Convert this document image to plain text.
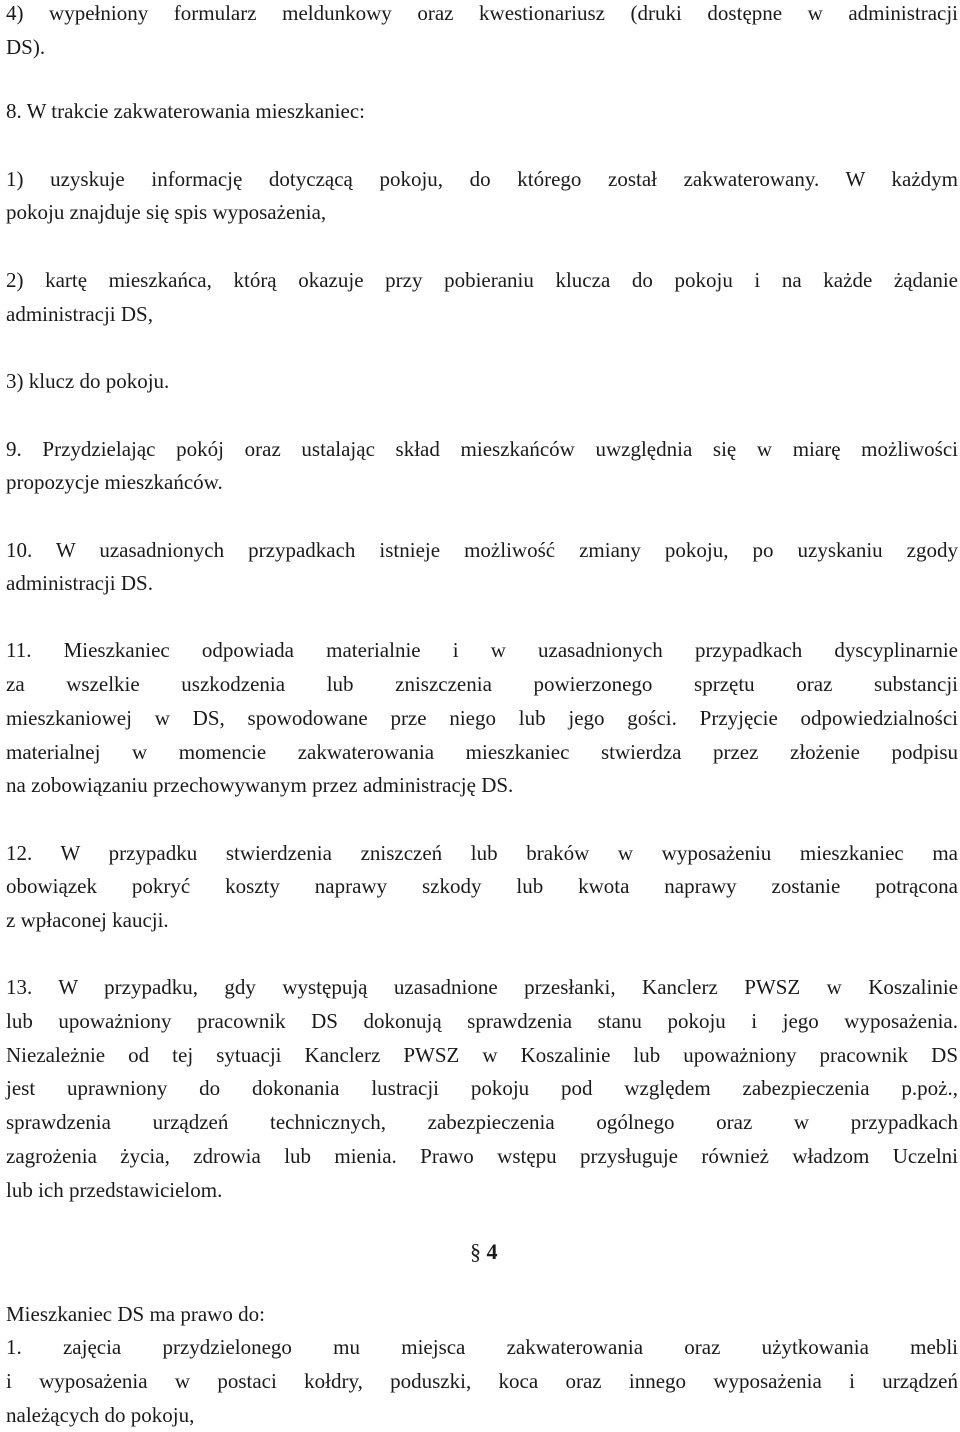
4) wypełniony formularz meldunkowy oraz kwestionariusz (druki dostępne w administracji
DS).
8. W trakcie zakwaterowania mieszkaniec:
1) uzyskuje informację dotyczącą pokoju, do którego został zakwaterowany. W każdym
pokoju znajduje się spis wyposażenia,
2) kartę mieszkańca, którą okazuje przy pobieraniu klucza do pokoju i na każde żądanie
administracji DS,
3) klucz do pokoju.
9. Przydzielając pokój oraz ustalając skład mieszkańców uwzględnia się w miarę możliwości
propozycje mieszkańców.
10. W uzasadnionych przypadkach istnieje możliwość zmiany pokoju, po uzyskaniu zgody
administracji DS.
11. Mieszkaniec odpowiada materialnie i w uzasadnionych przypadkach dyscyplinarnie
za wszelkie uszkodzenia lub zniszczenia powierzonego sprzętu oraz substancji
mieszkaniowej w DS, spowodowane prze niego lub jego gości. Przyjęcie odpowiedzialności
materialnej w momencie zakwaterowania mieszkaniec stwierdza przez złożenie podpisu
na zobowiązaniu przechowywanym przez administrację DS.
12. W przypadku stwierdzenia zniszczeń lub braków w wyposażeniu mieszkaniec ma
obowiązek pokryć koszty naprawy szkody lub kwota naprawy zostanie potrącona
z wpłaconej kaucji.
13. W przypadku, gdy występują uzasadnione przesłanki, Kanclerz PWSZ w Koszalinie
lub upoważniony pracownik DS dokonują sprawdzenia stanu pokoju i jego wyposażenia.
Niezależnie od tej sytuacji Kanclerz PWSZ w Koszalinie lub upoważniony pracownik DS
jest uprawniony do dokonania lustracji pokoju pod względem zabezpieczenia p.poż.,
sprawdzenia urządzeń technicznych, zabezpieczenia ogólnego oraz w przypadkach
zagrożenia życia, zdrowia lub mienia. Prawo wstępu przysługuje również władzom Uczelni
lub ich przedstawicielom.
§ 4
Mieszkaniec DS ma prawo do:
1. zajęcia przydzielonego mu miejsca zakwaterowania oraz użytkowania mebli
i wyposażenia w postaci kołdry, poduszki, koca oraz innego wyposażenia i urządzeń
należących do pokoju,
